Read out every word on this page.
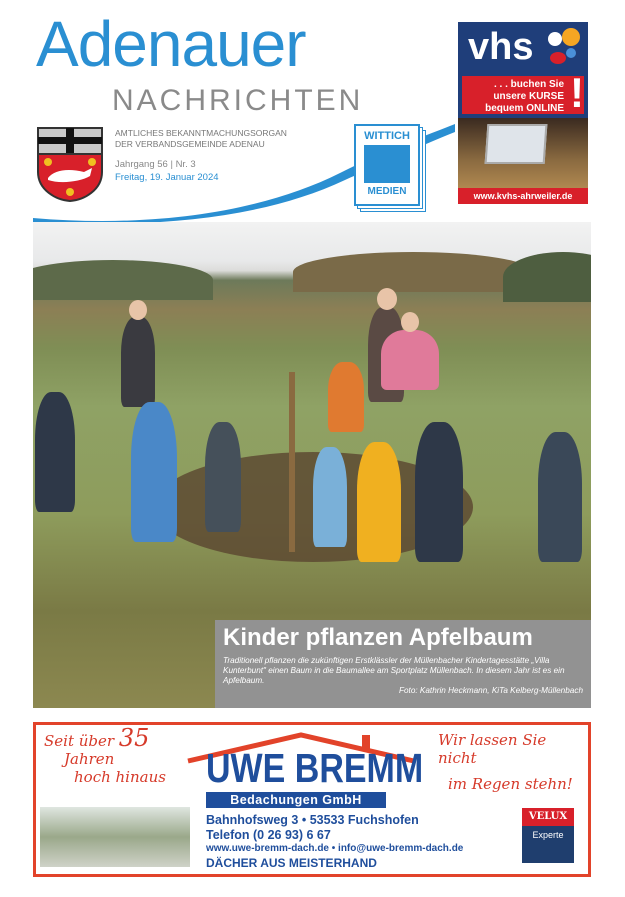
Adenauer
NACHRICHTEN
AMTLICHES BEKANNTMACHUNGSORGAN
DER VERBANDSGEMEINDE ADENAU
Jahrgang 56 | Nr. 3
Freitag, 19. Januar 2024
WITTICH
MEDIEN
vhs
. . . buchen Sie
unsere KURSE
bequem ONLINE !
www.kvhs-ahrweiler.de
Kinder pflanzen Apfelbaum

Traditionell pflanzen die zukünftigen Erstklässler der Müllenbacher Kindertagesstätte „Villa Kunterbunt" einen Baum in die Baumallee am Sportplatz Müllenbach. In diesem Jahr ist es ein Apfelbaum.
Foto: Kathrin Heckmann, KiTa Kelberg-Müllenbach

Seit über 35
Jahren
hoch hinaus	UWE BREMM
Bedachungen GmbH
Bahnhofsweg 3 • 53533 Fuchshofen
Telefon (0 26 93) 6 67
www.uwe-bremm-dach.de • info@uwe-bremm-dach.de
DÄCHER AUS MEISTERHAND
Wir lassen Sie nicht
im Regen stehn!
VELUX
Experte
